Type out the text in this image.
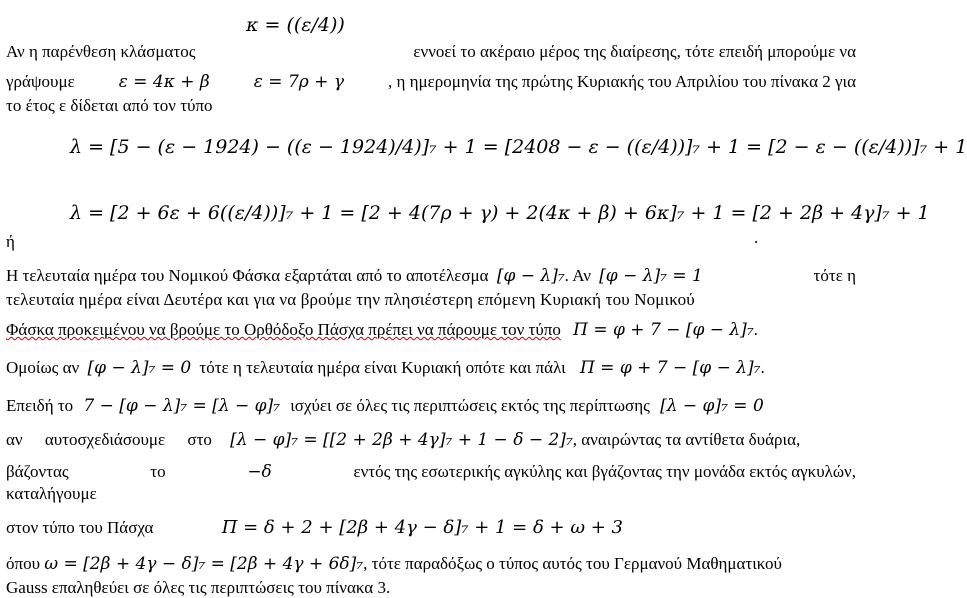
κ = ((ε/4))
Αν η παρένθεση κλάσματος	εννοεί το ακέραιο μέρος της διαίρεσης, τότε επειδή μπορούμε να
γράψουμε	ε = 4κ + β	ε = 7ρ + γ	, η ημερομηνία της πρώτης Κυριακής του Απριλίου του πίνακα 2 για
το έτος ε δίδεται από τον τύπο
λ = [5 − (ε − 1924) − ((ε − 1924)/4)]₇ + 1 = [2408 − ε − ((ε/4))]₇ + 1 = [2 − ε − ((ε/4))]₇ + 1
λ = [2 + 6ε + 6((ε/4))]₇ + 1 = [2 + 4(7ρ + γ) + 2(4κ + β) + 6κ]₇ + 1 = [2 + 2β + 4γ]₇ + 1
ή	.
Η τελευταία ημέρα του Νομικού Φάσκα εξαρτάται από το αποτέλεσμα [φ − λ]₇. Αν [φ − λ]₇ = 1	τότε η
τελευταία ημέρα είναι Δευτέρα και για να βρούμε την πλησιέστερη επόμενη Κυριακή του Νομικού
Φάσκα προκειμένου να βρούμε το Ορθόδοξο Πάσχα πρέπει να πάρουμε τον τύπο Π = φ + 7 − [φ − λ]₇.
Ομοίως αν [φ − λ]₇ = 0 τότε η τελευταία ημέρα είναι Κυριακή οπότε και πάλι Π = φ + 7 − [φ − λ]₇.
Επειδή το 7 − [φ − λ]₇ = [λ − φ]₇ ισχύει σε όλες τις περιπτώσεις εκτός της περίπτωσης [λ − φ]₇ = 0
αν αυτοσχεδιάσουμε στο [λ − φ]₇ = [[2 + 2β + 4γ]₇ + 1 − δ − 2]₇, αναιρώντας τα αντίθετα δυάρια,
βάζοντας	το	−δ	εντός της εσωτερικής αγκύλης και βγάζοντας την μονάδα εκτός αγκυλών,
καταλήγουμε
στον τύπο του Πάσχα	Π = δ + 2 + [2β + 4γ − δ]₇ + 1 = δ + ω + 3
όπου ω = [2β + 4γ − δ]₇ = [2β + 4γ + 6δ]₇, τότε παραδόξως ο τύπος αυτός του Γερμανού Μαθηματικού
Gauss επαληθεύει σε όλες τις περιπτώσεις του πίνακα 3.
